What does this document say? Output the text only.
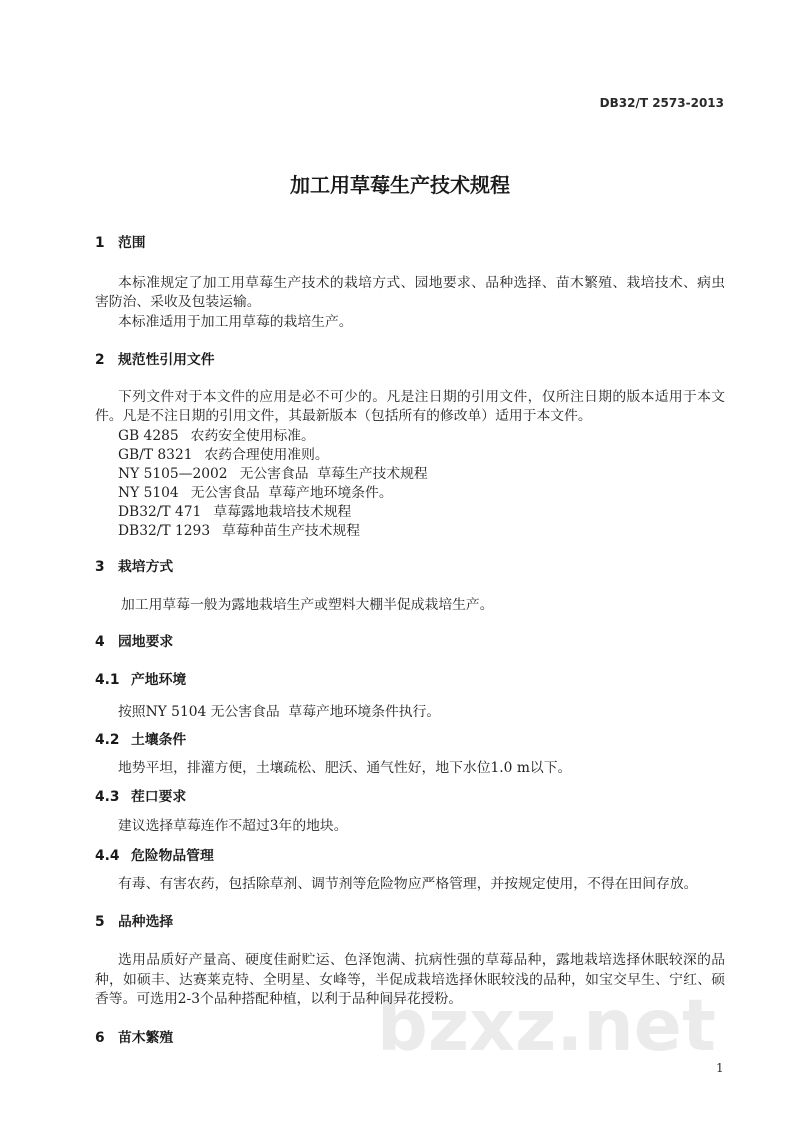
bzxz.net
DB32/T 2573-2013
加工用草莓生产技术规程
1 范围
本标准规定了加工用草莓生产技术的栽培方式、园地要求、品种选择、苗木繁殖、栽培技术、病虫
害防治、采收及包装运输。
本标准适用于加工用草莓的栽培生产。
2 规范性引用文件
下列文件对于本文件的应用是必不可少的。凡是注日期的引用文件，仅所注日期的版本适用于本文
件。凡是不注日期的引用文件，其最新版本（包括所有的修改单）适用于本文件。
GB 4285 农药安全使用标准。
GB/T 8321 农药合理使用准则。
NY 5105—2002 无公害食品  草莓生产技术规程
NY 5104 无公害食品  草莓产地环境条件。
DB32/T 471 草莓露地栽培技术规程
DB32/T 1293 草莓种苗生产技术规程
3 栽培方式
加工用草莓一般为露地栽培生产或塑料大棚半促成栽培生产。
4 园地要求
4.1 产地环境
按照NY 5104 无公害食品  草莓产地环境条件执行。
4.2 土壤条件
地势平坦，排灌方便，土壤疏松、肥沃、通气性好，地下水位1.0 m以下。
4.3 茬口要求
建议选择草莓连作不超过3年的地块。
4.4 危险物品管理
有毒、有害农药，包括除草剂、调节剂等危险物应严格管理，并按规定使用，不得在田间存放。
5 品种选择
选用品质好产量高、硬度佳耐贮运、色泽饱满、抗病性强的草莓品种，露地栽培选择休眠较深的品
种，如硕丰、达赛莱克特、全明星、女峰等，半促成栽培选择休眠较浅的品种，如宝交早生、宁红、硕
香等。可选用2-3个品种搭配种植，以利于品种间异花授粉。
6 苗木繁殖
1
